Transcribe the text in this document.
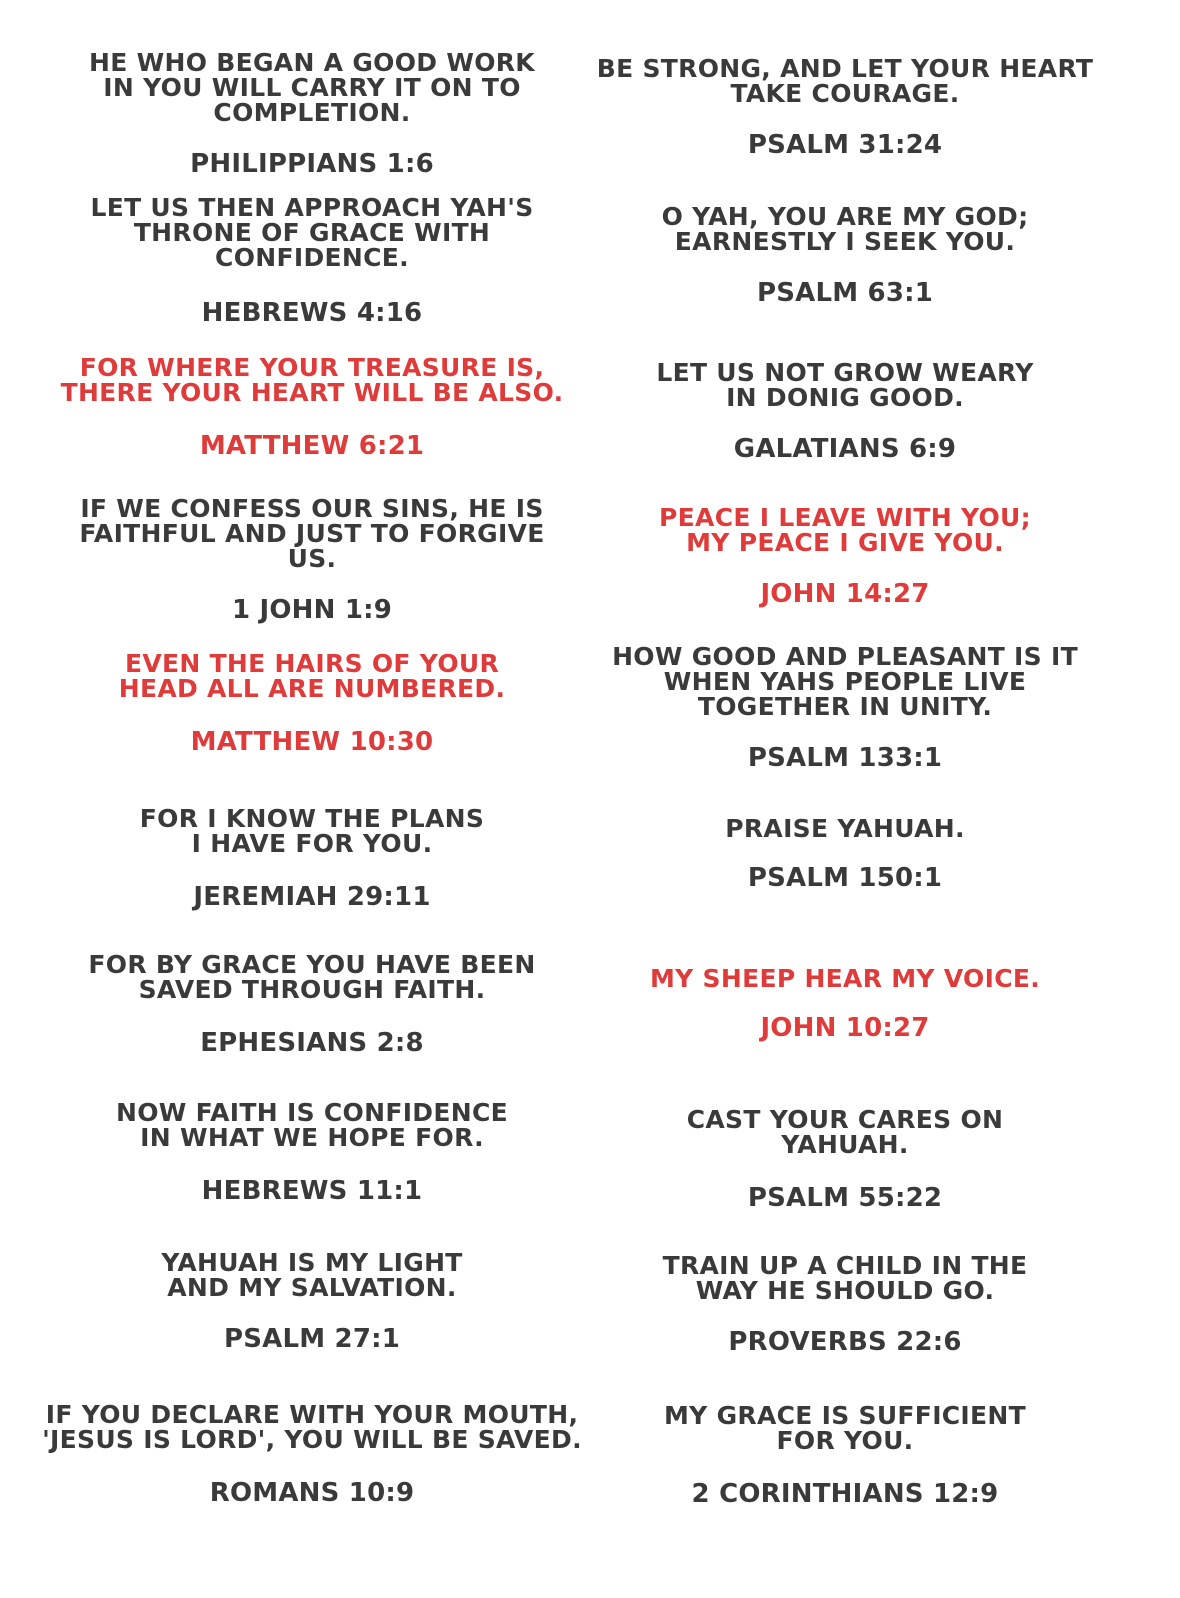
HE WHO BEGAN A GOOD WORK
IN YOU WILL CARRY IT ON TO
COMPLETION.
PHILIPPIANS 1:6
LET US THEN APPROACH YAH'S
THRONE OF GRACE WITH
CONFIDENCE.
HEBREWS 4:16
FOR WHERE YOUR TREASURE IS,
THERE YOUR HEART WILL BE ALSO.
MATTHEW 6:21
IF WE CONFESS OUR SINS, HE IS
FAITHFUL AND JUST TO FORGIVE
US.
1 JOHN 1:9
EVEN THE HAIRS OF YOUR
HEAD ALL ARE NUMBERED.
MATTHEW 10:30
FOR I KNOW THE PLANS
I HAVE FOR YOU.
JEREMIAH 29:11
FOR BY GRACE YOU HAVE BEEN
SAVED THROUGH FAITH.
EPHESIANS 2:8
NOW FAITH IS CONFIDENCE
IN WHAT WE HOPE FOR.
HEBREWS 11:1
YAHUAH IS MY LIGHT
AND MY SALVATION.
PSALM 27:1
IF YOU DECLARE WITH YOUR MOUTH,
'JESUS IS LORD', YOU WILL BE SAVED.
ROMANS 10:9
BE STRONG, AND LET YOUR HEART
TAKE COURAGE.
PSALM 31:24
O YAH, YOU ARE MY GOD;
EARNESTLY I SEEK YOU.
PSALM 63:1
LET US NOT GROW WEARY
IN DONIG GOOD.
GALATIANS 6:9
PEACE I LEAVE WITH YOU;
MY PEACE I GIVE YOU.
JOHN 14:27
HOW GOOD AND PLEASANT IS IT
WHEN YAHS PEOPLE LIVE
TOGETHER IN UNITY.
PSALM 133:1
PRAISE YAHUAH.
PSALM 150:1
MY SHEEP HEAR MY VOICE.
JOHN 10:27
CAST YOUR CARES ON
YAHUAH.
PSALM 55:22
TRAIN UP A CHILD IN THE
WAY HE SHOULD GO.
PROVERBS 22:6
MY GRACE IS SUFFICIENT
FOR YOU.
2 CORINTHIANS 12:9
